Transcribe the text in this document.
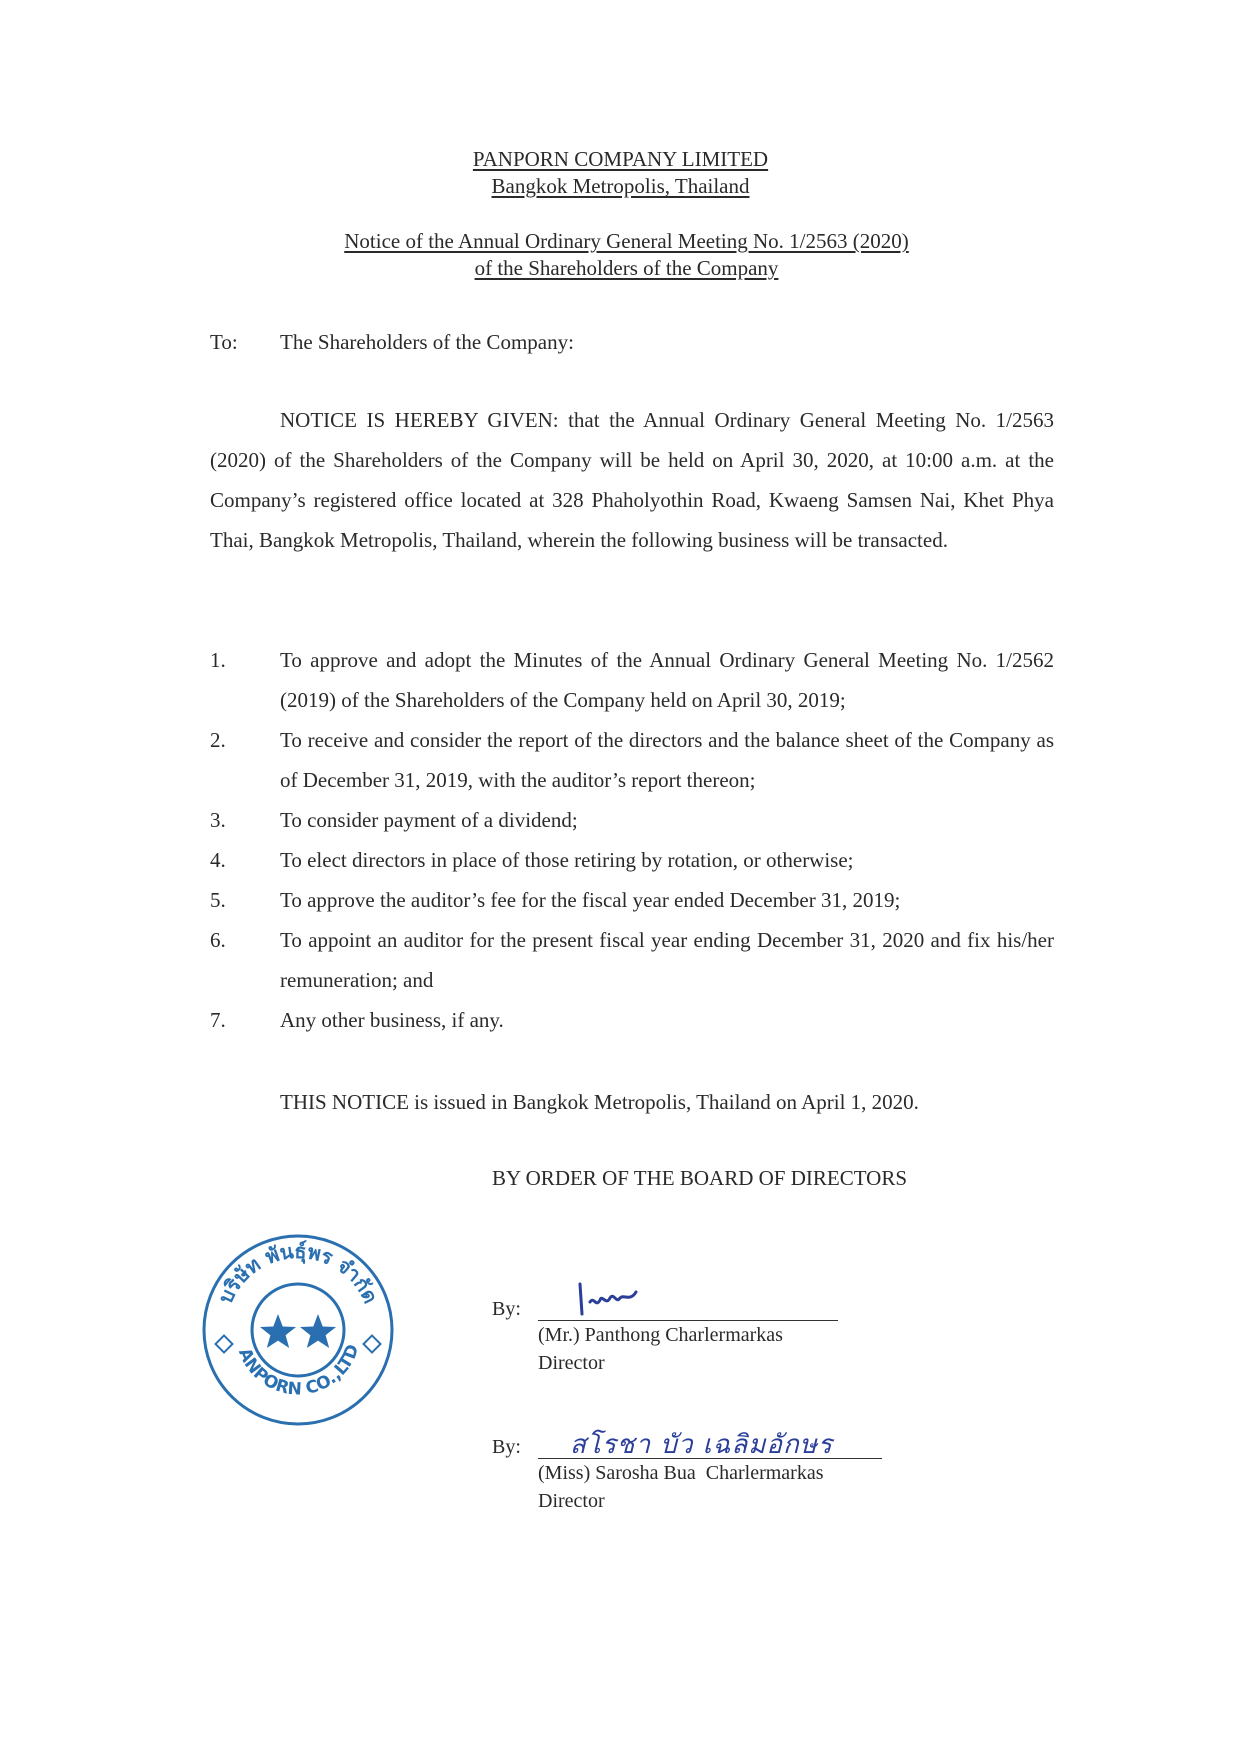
PANPORN COMPANY LIMITED
Bangkok Metropolis, Thailand
Notice of the Annual Ordinary General Meeting No. 1/2563 (2020)
of the Shareholders of the Company
To: The Shareholders of the Company:
NOTICE IS HEREBY GIVEN: that the Annual Ordinary General Meeting No. 1/2563 (2020) of the Shareholders of the Company will be held on April 30, 2020, at 10:00 a.m. at the Company’s registered office located at 328 Phaholyothin Road, Kwaeng Samsen Nai, Khet Phya Thai, Bangkok Metropolis, Thailand, wherein the following business will be transacted.
1.	To approve and adopt the Minutes of the Annual Ordinary General Meeting No. 1/2562 (2019) of the Shareholders of the Company held on April 30, 2019;
2.	To receive and consider the report of the directors and the balance sheet of the Company as of December 31, 2019, with the auditor’s report thereon;
3.	To consider payment of a dividend;
4.	To elect directors in place of those retiring by rotation, or otherwise;
5.	To approve the auditor’s fee for the fiscal year ended December 31, 2019;
6.	To appoint an auditor for the present fiscal year ending December 31, 2020 and fix his/her remuneration; and
7.	Any other business, if any.
THIS NOTICE is issued in Bangkok Metropolis, Thailand on April 1, 2020.
BY ORDER OF THE BOARD OF DIRECTORS
บริษัท พันธุ์พร จำกัด
ANPORN CO.,LTD
By:
(Mr.) Panthong Charlermarkas
Director
By: สโรชา บัว เฉลิมอักษร
(Miss) Sarosha Bua  Charlermarkas
Director
